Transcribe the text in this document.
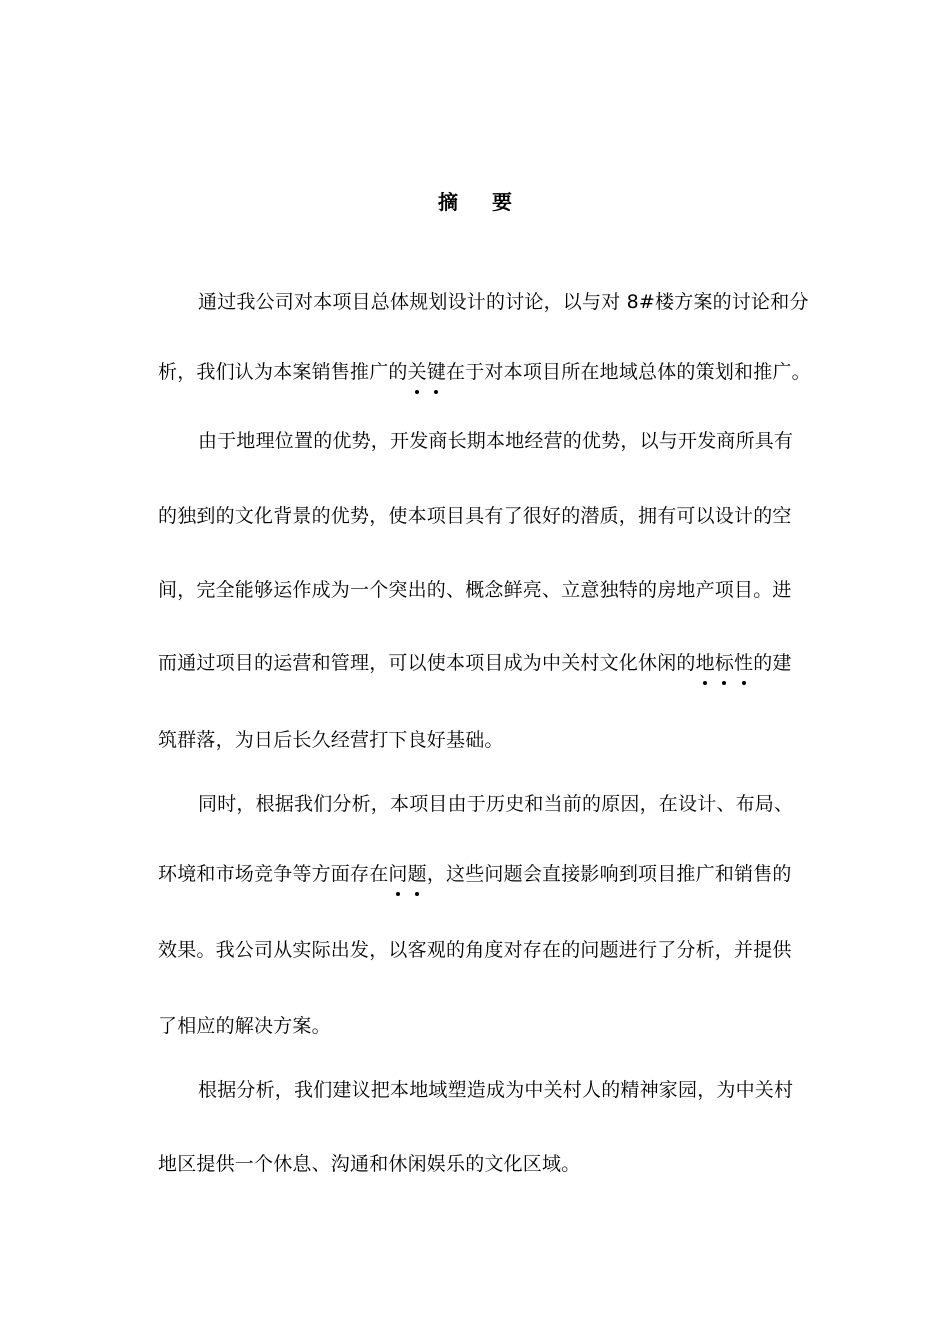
摘 要
通过我公司对本项目总体规划设计的讨论，以与对 8#楼方案的讨论和分
析，我们认为本案销售推广的关键在于对本项目所在地域总体的策划和推广。
由于地理位置的优势，开发商长期本地经营的优势，以与开发商所具有
的独到的文化背景的优势，使本项目具有了很好的潜质，拥有可以设计的空
间，完全能够运作成为一个突出的、概念鲜亮、立意独特的房地产项目。进
而通过项目的运营和管理，可以使本项目成为中关村文化休闲的地标性的建
筑群落，为日后长久经营打下良好基础。
同时，根据我们分析，本项目由于历史和当前的原因，在设计、布局、
环境和市场竞争等方面存在问题，这些问题会直接影响到项目推广和销售的
效果。我公司从实际出发，以客观的角度对存在的问题进行了分析，并提供
了相应的解决方案。
根据分析，我们建议把本地域塑造成为中关村人的精神家园，为中关村
地区提供一个休息、沟通和休闲娱乐的文化区域。
